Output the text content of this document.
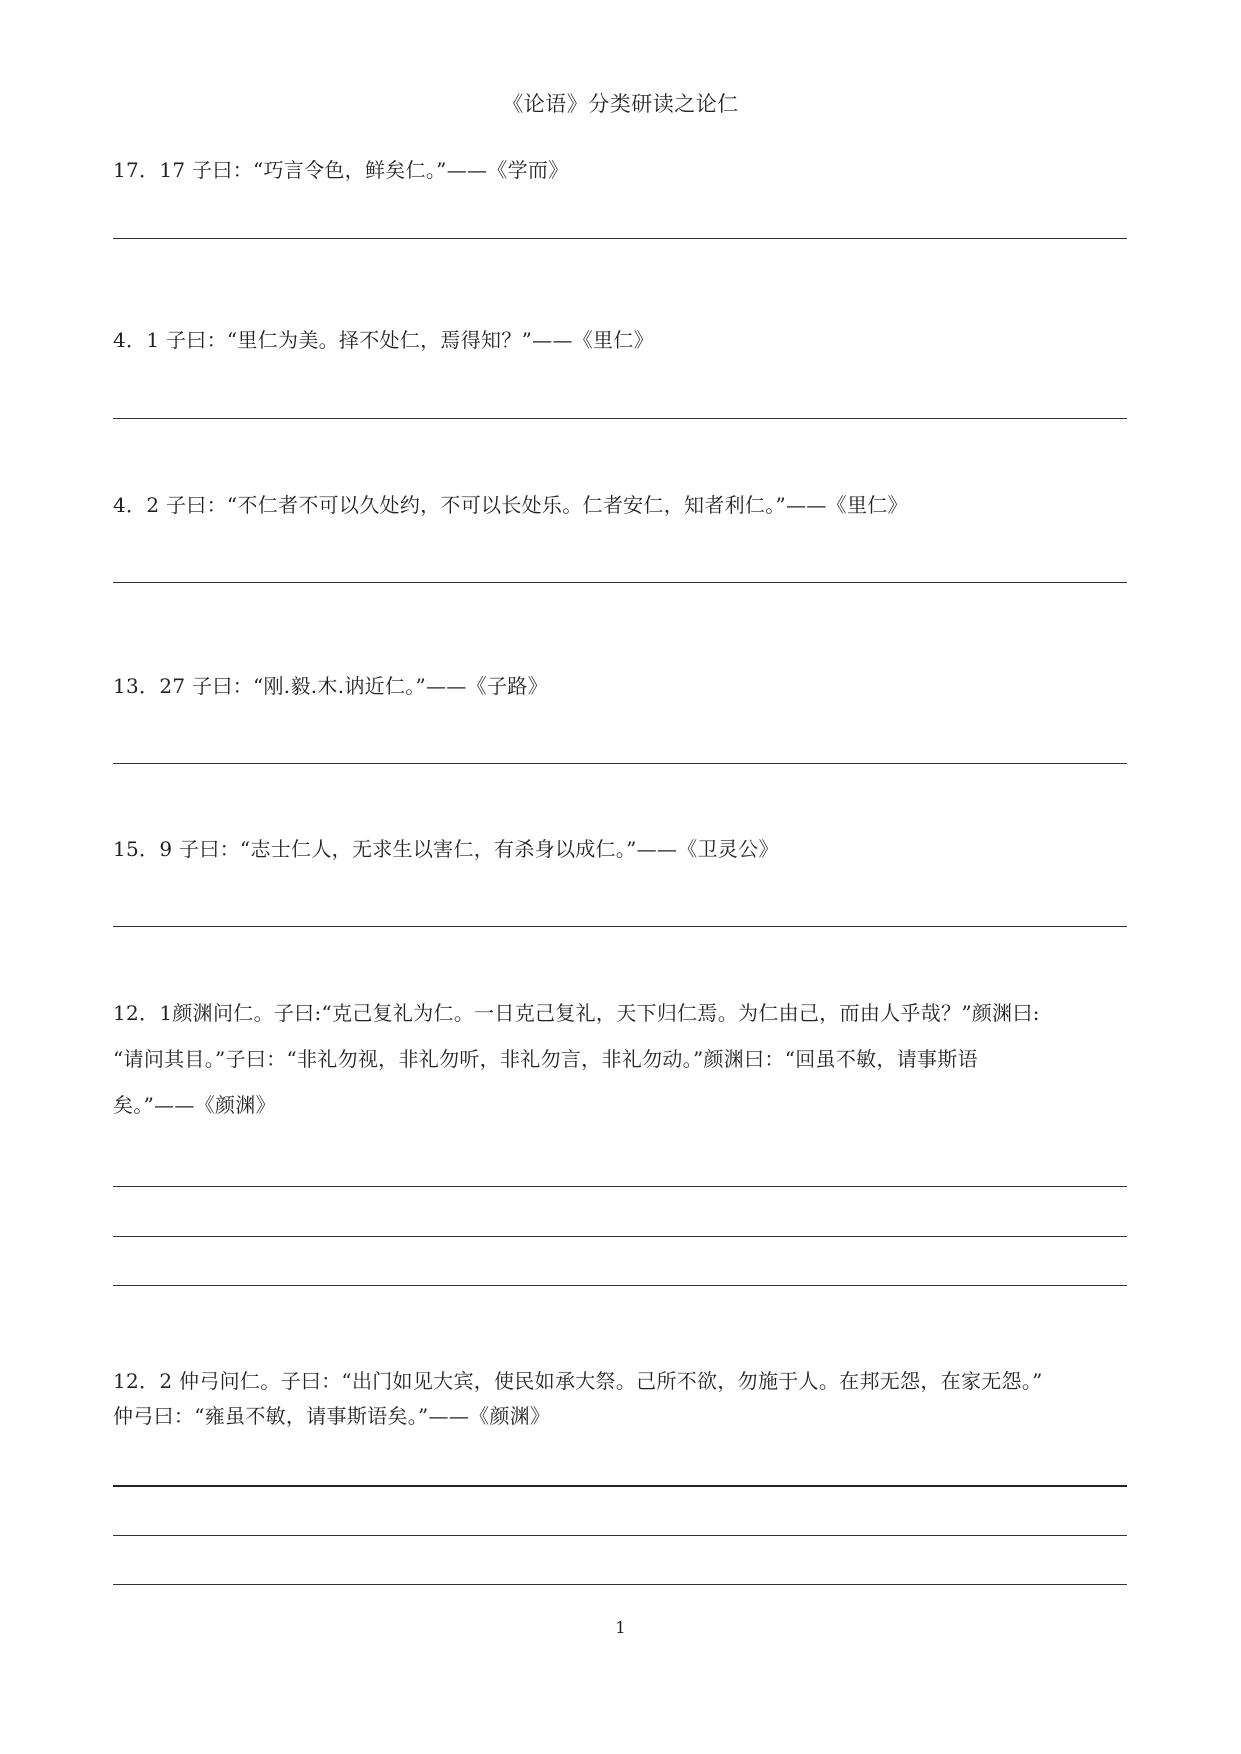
《论语》分类研读之论仁
17．17 子曰：“巧言令色，鲜矣仁。”——《学而》
4．1 子曰：“里仁为美。择不处仁，焉得知？”——《里仁》
4．2 子曰：“不仁者不可以久处约，不可以长处乐。仁者安仁，知者利仁。”——《里仁》
13．27 子曰：“刚.毅.木.讷近仁。”——《子路》
15．9 子曰：“志士仁人，无求生以害仁，有杀身以成仁。”——《卫灵公》
12．1颜渊问仁。子曰:“克己复礼为仁。一日克己复礼，天下归仁焉。为仁由己，而由人乎哉？”颜渊曰:
“请问其目。”子曰：“非礼勿视，非礼勿听，非礼勿言，非礼勿动。”颜渊曰：“回虽不敏，请事斯语
矣。”——《颜渊》
12．2 仲弓问仁。子曰：“出门如见大宾，使民如承大祭。己所不欲，勿施于人。在邦无怨，在家无怨。”
仲弓曰：“雍虽不敏，请事斯语矣。”——《颜渊》
1
